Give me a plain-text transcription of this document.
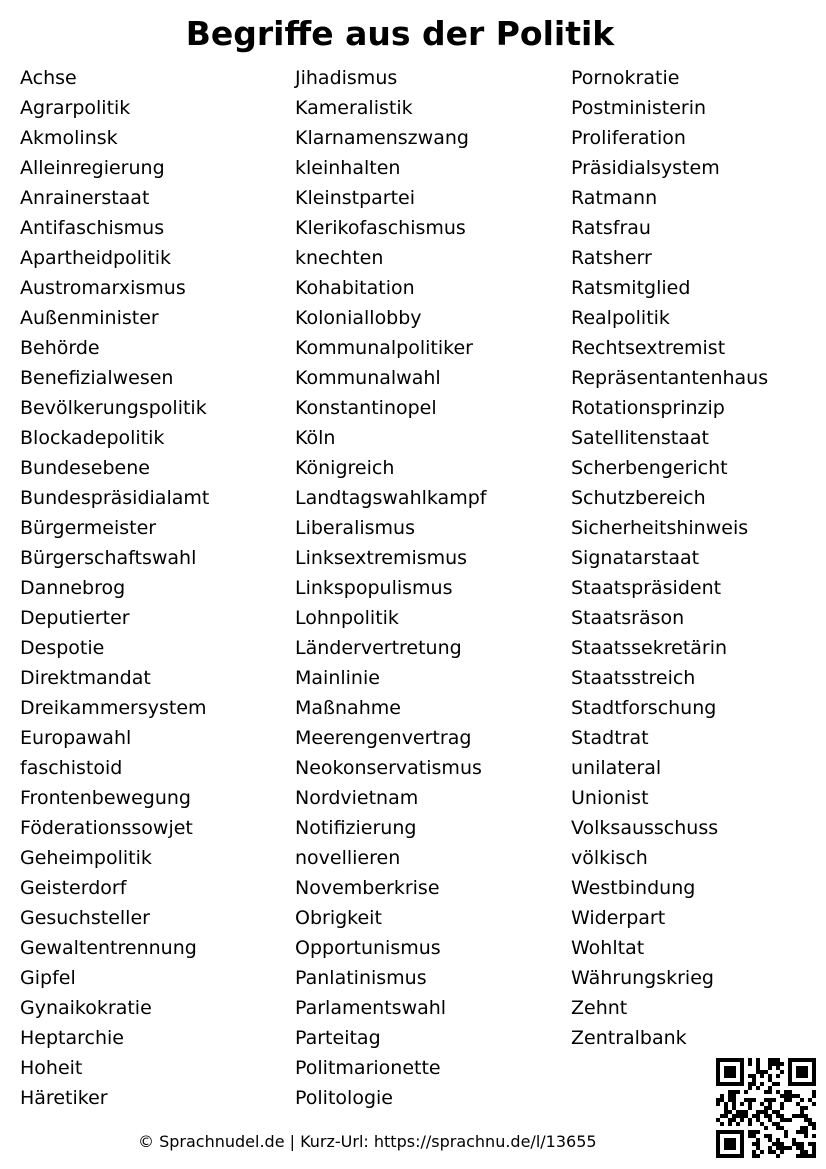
Begriffe aus der Politik
Achse
Agrarpolitik
Akmolinsk
Alleinregierung
Anrainerstaat
Antifaschismus
Apartheidpolitik
Austromarxismus
Außenminister
Behörde
Benefizialwesen
Bevölkerungspolitik
Blockadepolitik
Bundesebene
Bundespräsidialamt
Bürgermeister
Bürgerschaftswahl
Dannebrog
Deputierter
Despotie
Direktmandat
Dreikammersystem
Europawahl
faschistoid
Frontenbewegung
Föderationssowjet
Geheimpolitik
Geisterdorf
Gesuchsteller
Gewaltentrennung
Gipfel
Gynaikokratie
Heptarchie
Hoheit
Häretiker
Jihadismus
Kameralistik
Klarnamenszwang
kleinhalten
Kleinstpartei
Klerikofaschismus
knechten
Kohabitation
Koloniallobby
Kommunalpolitiker
Kommunalwahl
Konstantinopel
Köln
Königreich
Landtagswahlkampf
Liberalismus
Linksextremismus
Linkspopulismus
Lohnpolitik
Ländervertretung
Mainlinie
Maßnahme
Meerengenvertrag
Neokonservatismus
Nordvietnam
Notifizierung
novellieren
Novemberkrise
Obrigkeit
Opportunismus
Panlatinismus
Parlamentswahl
Parteitag
Politmarionette
Politologie
Pornokratie
Postministerin
Proliferation
Präsidialsystem
Ratmann
Ratsfrau
Ratsherr
Ratsmitglied
Realpolitik
Rechtsextremist
Repräsentantenhaus
Rotationsprinzip
Satellitenstaat
Scherbengericht
Schutzbereich
Sicherheitshinweis
Signatarstaat
Staatspräsident
Staatsräson
Staatssekretärin
Staatsstreich
Stadtforschung
Stadtrat
unilateral
Unionist
Volksausschuss
völkisch
Westbindung
Widerpart
Wohltat
Währungskrieg
Zehnt
Zentralbank
© Sprachnudel.de | Kurz-Url: https://sprachnu.de/l/13655
